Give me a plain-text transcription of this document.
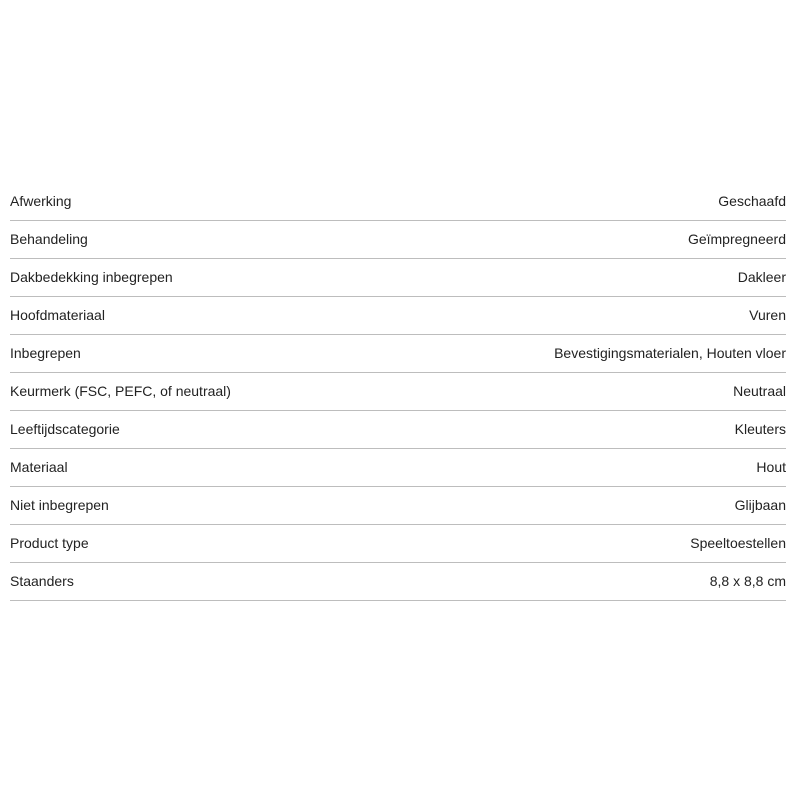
Afwerking	Geschaafd
Behandeling	Geïmpregneerd
Dakbedekking inbegrepen	Dakleer
Hoofdmateriaal	Vuren
Inbegrepen	Bevestigingsmaterialen, Houten vloer
Keurmerk (FSC, PEFC, of neutraal)	Neutraal
Leeftijdscategorie	Kleuters
Materiaal	Hout
Niet inbegrepen	Glijbaan
Product type	Speeltoestellen
Staanders	8,8 x 8,8 cm
